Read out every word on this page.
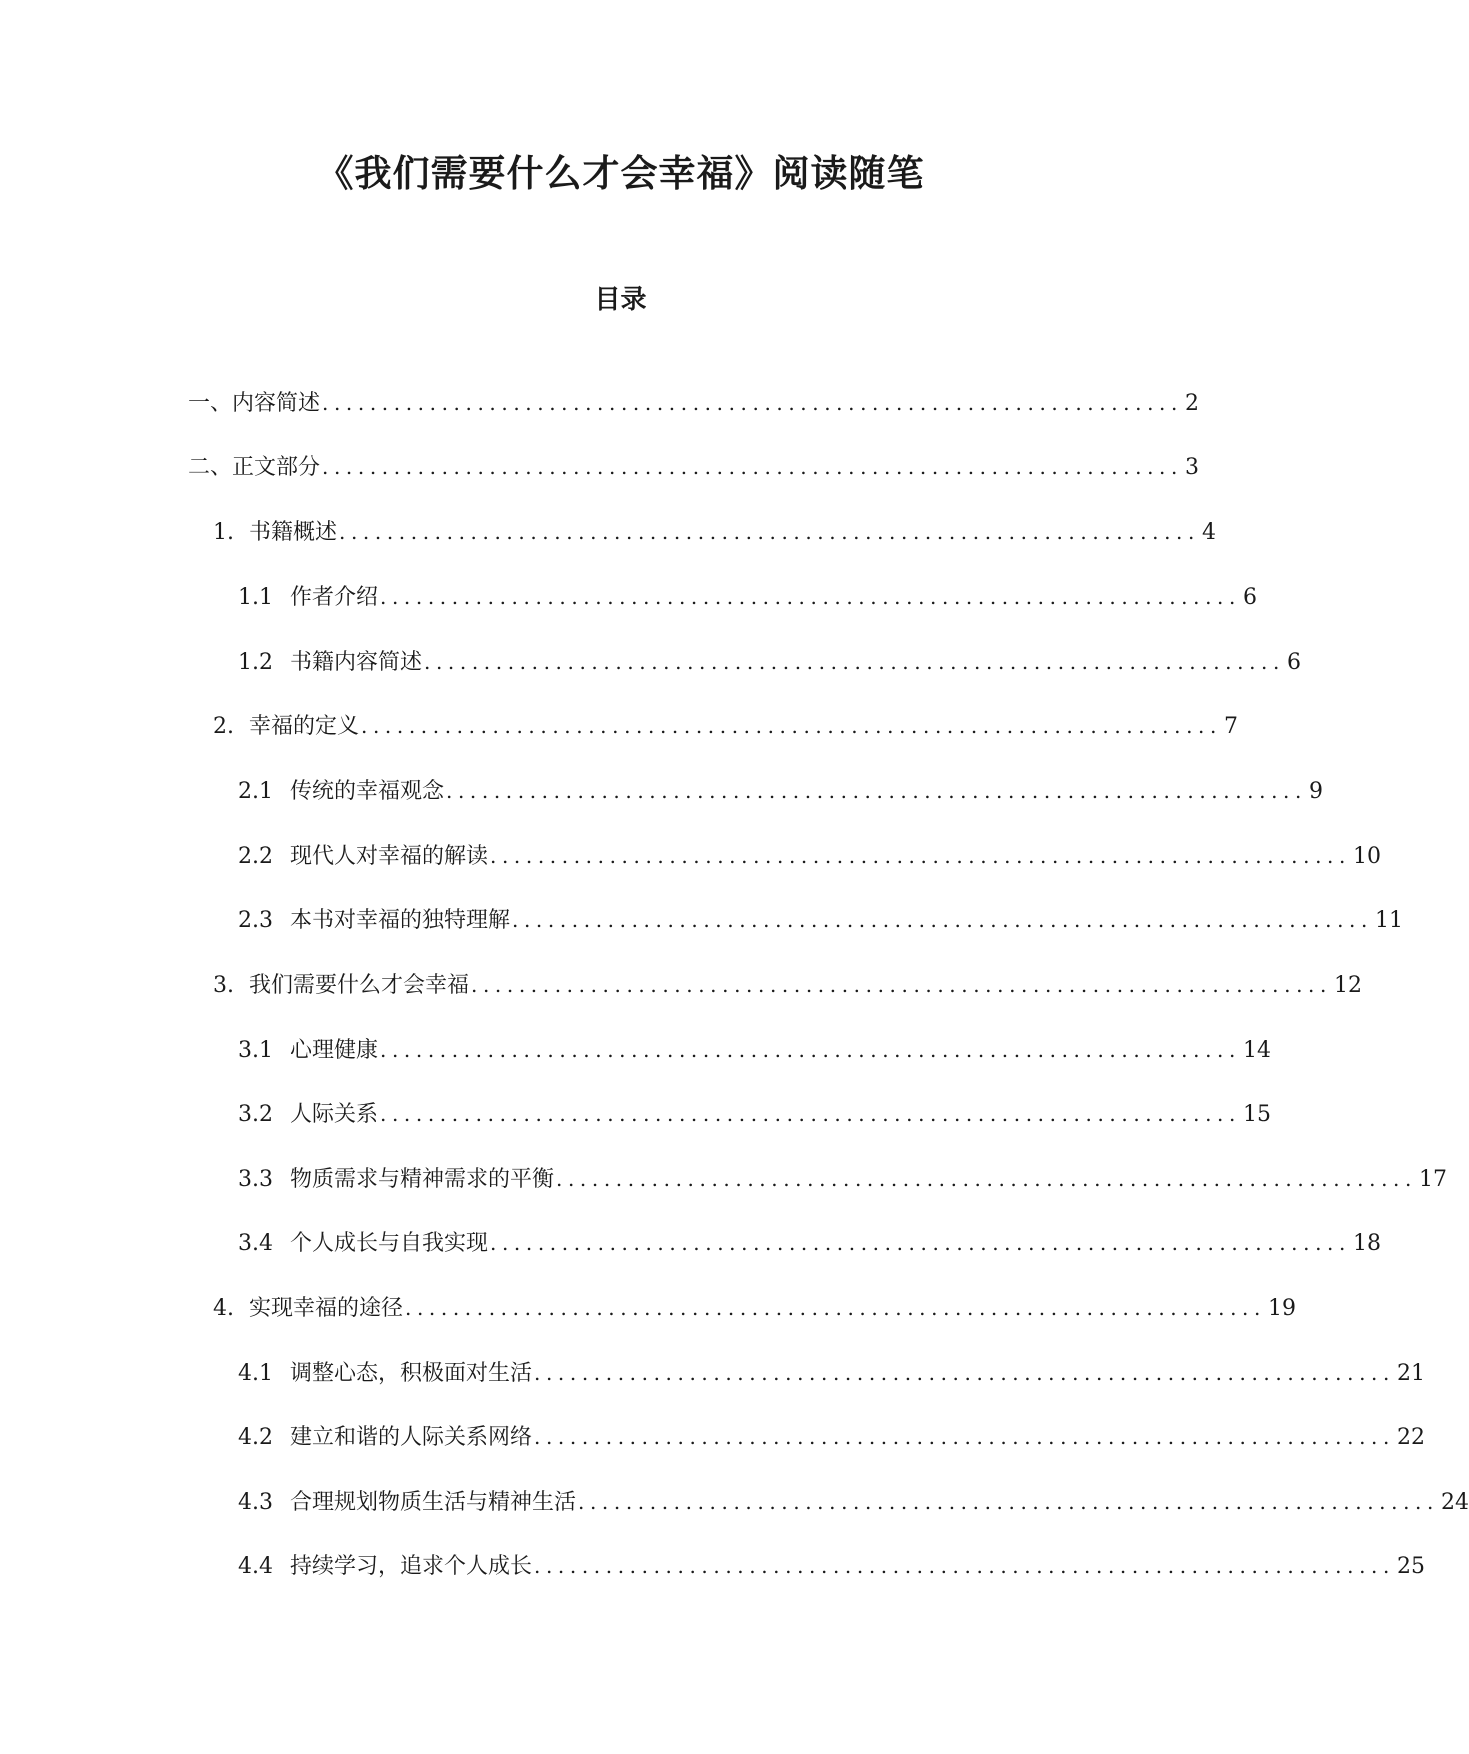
《我们需要什么才会幸福》阅读随笔
目录
一、内容简述 ........................................................................ 2
二、正文部分 ........................................................................ 3
1. 书籍概述 ........................................................................ 4
1.1 作者介绍 ........................................................................ 6
1.2 书籍内容简述 ........................................................................ 6
2. 幸福的定义 ........................................................................ 7
2.1 传统的幸福观念 ........................................................................ 9
2.2 现代人对幸福的解读 ........................................................................ 10
2.3 本书对幸福的独特理解 ........................................................................ 11
3. 我们需要什么才会幸福 ........................................................................ 12
3.1 心理健康 ........................................................................ 14
3.2 人际关系 ........................................................................ 15
3.3 物质需求与精神需求的平衡 ........................................................................ 17
3.4 个人成长与自我实现 ........................................................................ 18
4. 实现幸福的途径 ........................................................................ 19
4.1 调整心态，积极面对生活 ........................................................................ 21
4.2 建立和谐的人际关系网络 ........................................................................ 22
4.3 合理规划物质生活与精神生活 ........................................................................ 24
4.4 持续学习，追求个人成长 ........................................................................ 25
